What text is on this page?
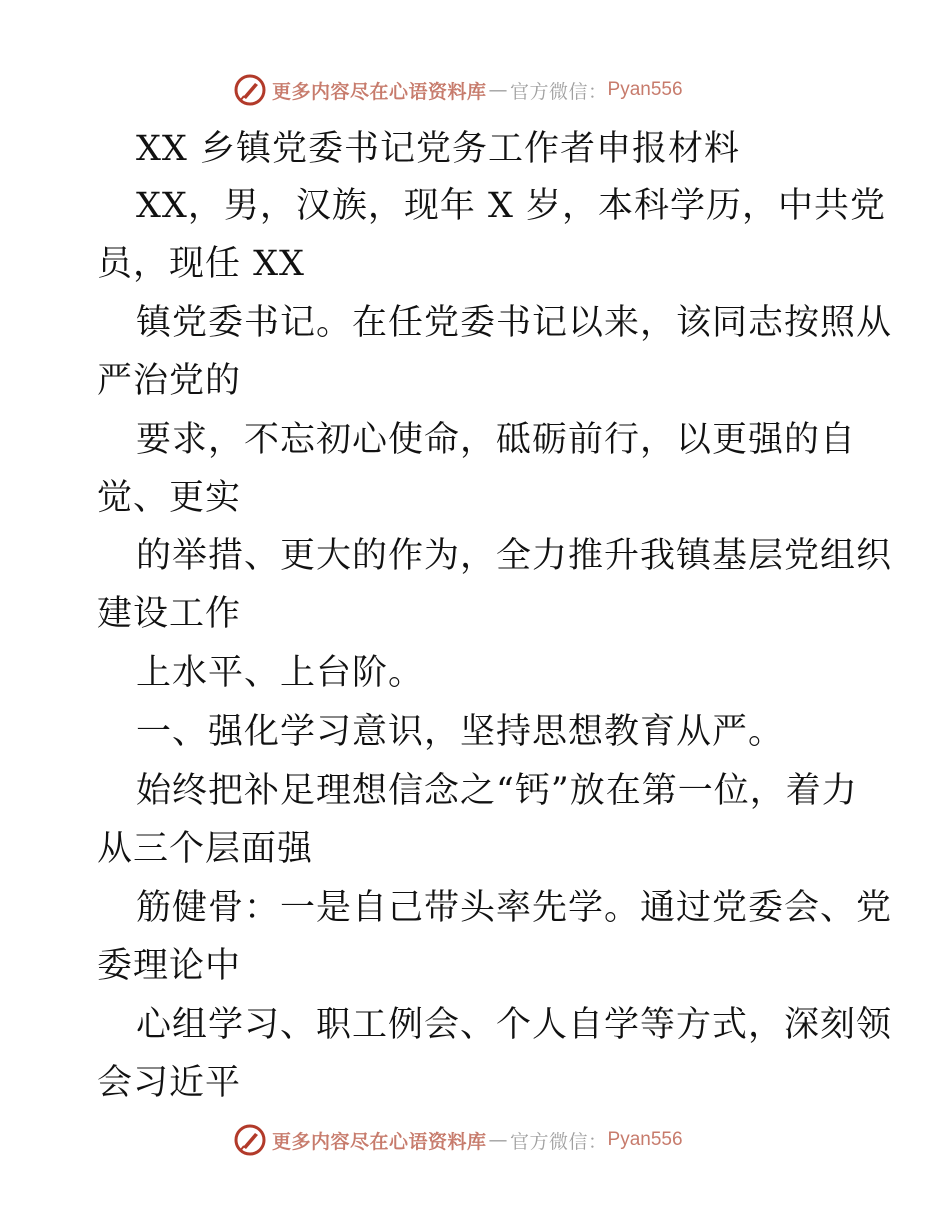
更多内容尽在心语资料库 — 官方微信： Pyan556
XX 乡镇党委书记党务工作者申报材料
XX，男，汉族，现年 X 岁，本科学历，中共党
员，现任 XX
镇党委书记。在任党委书记以来，该同志按照从
严治党的
要求，不忘初心使命，砥砺前行，以更强的自
觉、更实
的举措、更大的作为，全力推升我镇基层党组织
建设工作
上水平、上台阶。
一、强化学习意识，坚持思想教育从严。
始终把补足理想信念之“钙”放在第一位，着力
从三个层面强
筋健骨：一是自己带头率先学。通过党委会、党
委理论中
心组学习、职工例会、个人自学等方式，深刻领
会习近平
更多内容尽在心语资料库 — 官方微信： Pyan556
